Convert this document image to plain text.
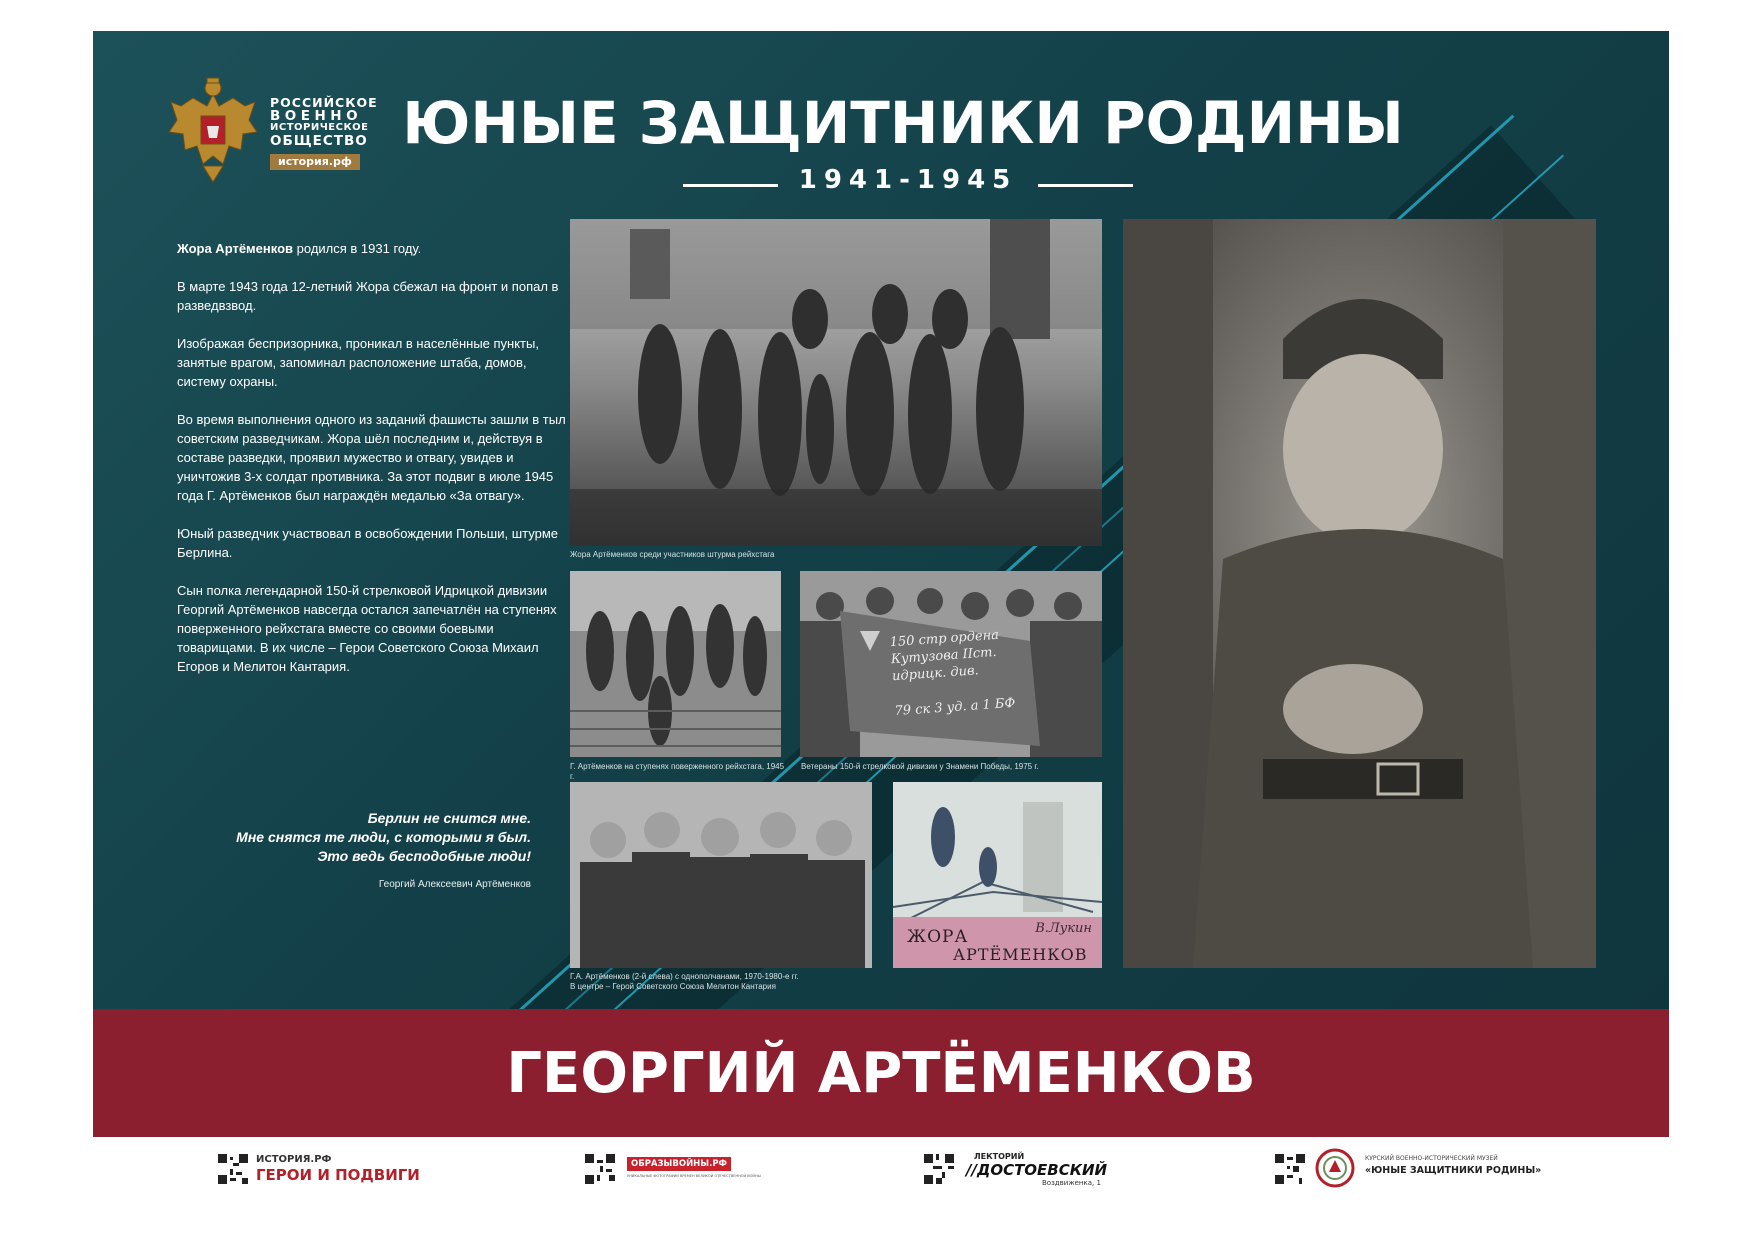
РОССИЙСКОЕ
ВОЕННО
ИСТОРИЧЕСКОЕ
ОБЩЕСТВО
история.рф
ЮНЫЕ ЗАЩИТНИКИ РОДИНЫ
1941-1945

Жора Артёменков родился в 1931 году.

В марте 1943 года 12-летний Жора сбежал на фронт и попал в разведвзвод.

Изображая беспризорника, проникал в населённые пункты, занятые врагом, запоминал расположение штаба, домов, систему охраны.

Во время выполнения одного из заданий фашисты зашли в тыл советским разведчикам. Жора шёл последним и, действуя в составе разведки, проявил мужество и отвагу, увидев и уничтожив 3-х солдат противника. За этот подвиг в июле 1945 года Г. Артёменков был награждён медалью «За отвагу».

Юный разведчик участвовал в освобождении Польши, штурме Берлина.

Сын полка легендарной 150-й стрелковой Идрицкой дивизии Георгий Артёменков навсегда остался запечатлён на ступенях поверженного рейхстага вместе со своими боевыми товарищами. В их числе – Герои Советского Союза Михаил Егоров и Мелитон Кантария.

Берлин не снится мне.
Мне снятся те люди, с которыми я был.
Это ведь бесподобные люди!
Георгий Алексеевич Артёменков
Жора Артёменков среди участников штурма рейхстага
Г. Артёменков на ступенях поверженного рейхстага, 1945 г.
150 стр ордена
Кутузова IIст.
идрицк. див.
79 ск 3 уд. а 1 БФ
Ветераны 150-й стрелковой дивизии у Знамени Победы, 1975 г.
Г.А. Артёменков (2-й слева) с однополчанами, 1970-1980-е гг.
В центре – Герой Советского Союза Мелитон Кантария
В.Лукин
ЖОРА
АРТЁМЕНКОВ
ГЕОРГИЙ АРТЁМЕНКОВ
ИСТОРИЯ.РФ
ГЕРОИ И ПОДВИГИ
ОБРАЗЫВОЙНЫ.РФ
УНИКАЛЬНЫЕ ФОТОГРАФИИ ВРЕМЕН ВЕЛИКОЙ ОТЕЧЕСТВЕННОЙ ВОЙНЫ
ЛЕКТОРИЙ
//ДОСТОЕВСКИЙ
Воздвиженка, 1
КУРСКИЙ ВОЕННО-ИСТОРИЧЕСКИЙ МУЗЕЙ
«ЮНЫЕ ЗАЩИТНИКИ РОДИНЫ»
